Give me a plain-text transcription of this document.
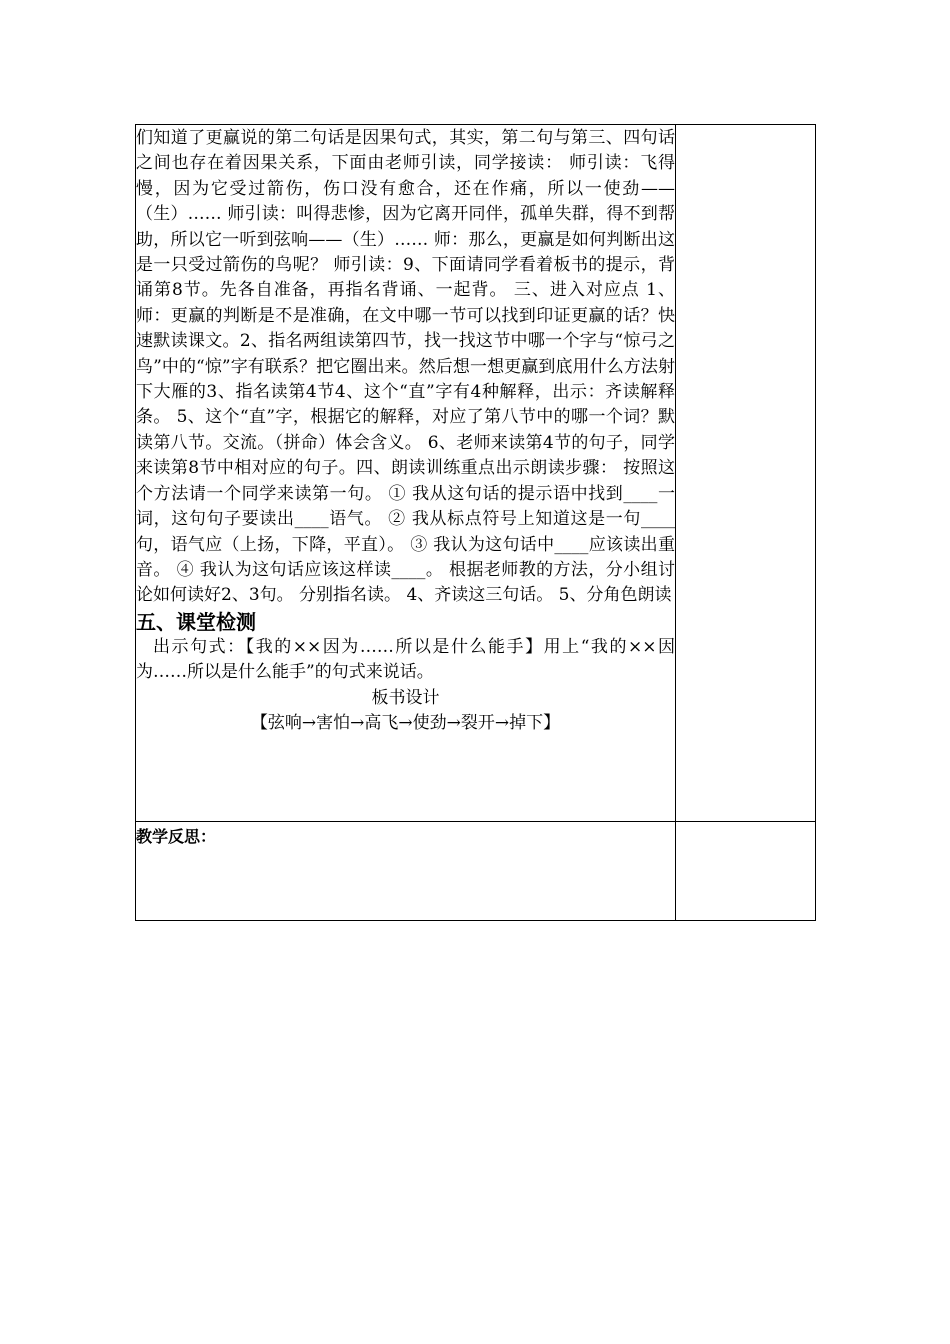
们知道了更赢说的第二句话是因果句式，其实，第二句与第三、四句话之间也存在着因果关系，下面由老师引读，同学接读： 师引读：飞得慢，因为它受过箭伤，伤口没有愈合，还在作痛，所以一使劲——（生）…… 师引读：叫得悲惨，因为它离开同伴，孤单失群，得不到帮助，所以它一听到弦响——（生）…… 师：那么，更赢是如何判断出这是一只受过箭伤的鸟呢？ 师引读：9、下面请同学看着板书的提示，背诵第8节。先各自准备，再指名背诵、一起背。 三、进入对应点 1、师：更赢的判断是不是准确，在文中哪一节可以找到印证更赢的话？快速默读课文。2、指名两组读第四节，找一找这节中哪一个字与“惊弓之鸟”中的“惊”字有联系？把它圈出来。然后想一想更赢到底用什么方法射下大雁的3、指名读第4节4、这个“直”字有4种解释，出示：齐读解释条。 5、这个“直”字，根据它的解释，对应了第八节中的哪一个词？默读第八节。交流。（拼命）体会含义。 6、老师来读第4节的句子，同学来读第8节中相对应的句子。四、朗读训练重点出示朗读步骤： 按照这个方法请一个同学来读第一句。 ① 我从这句话的提示语中找到____一词，这句句子要读出____语气。 ② 我从标点符号上知道这是一句____句，语气应（上扬，下降，平直）。 ③ 我认为这句话中____应该读出重音。 ④ 我认为这句话应该这样读____。 根据老师教的方法，分小组讨论如何读好2、3句。 分别指名读。 4、齐读这三句话。 5、分角色朗读

五、课堂检测

出示句式：【我的××因为……所以是什么能手】用上“我的××因为……所以是什么能手”的句式来说话。

板书设计

【弦响→害怕→高飞→使劲→裂开→掉下】	

教学反思：	
